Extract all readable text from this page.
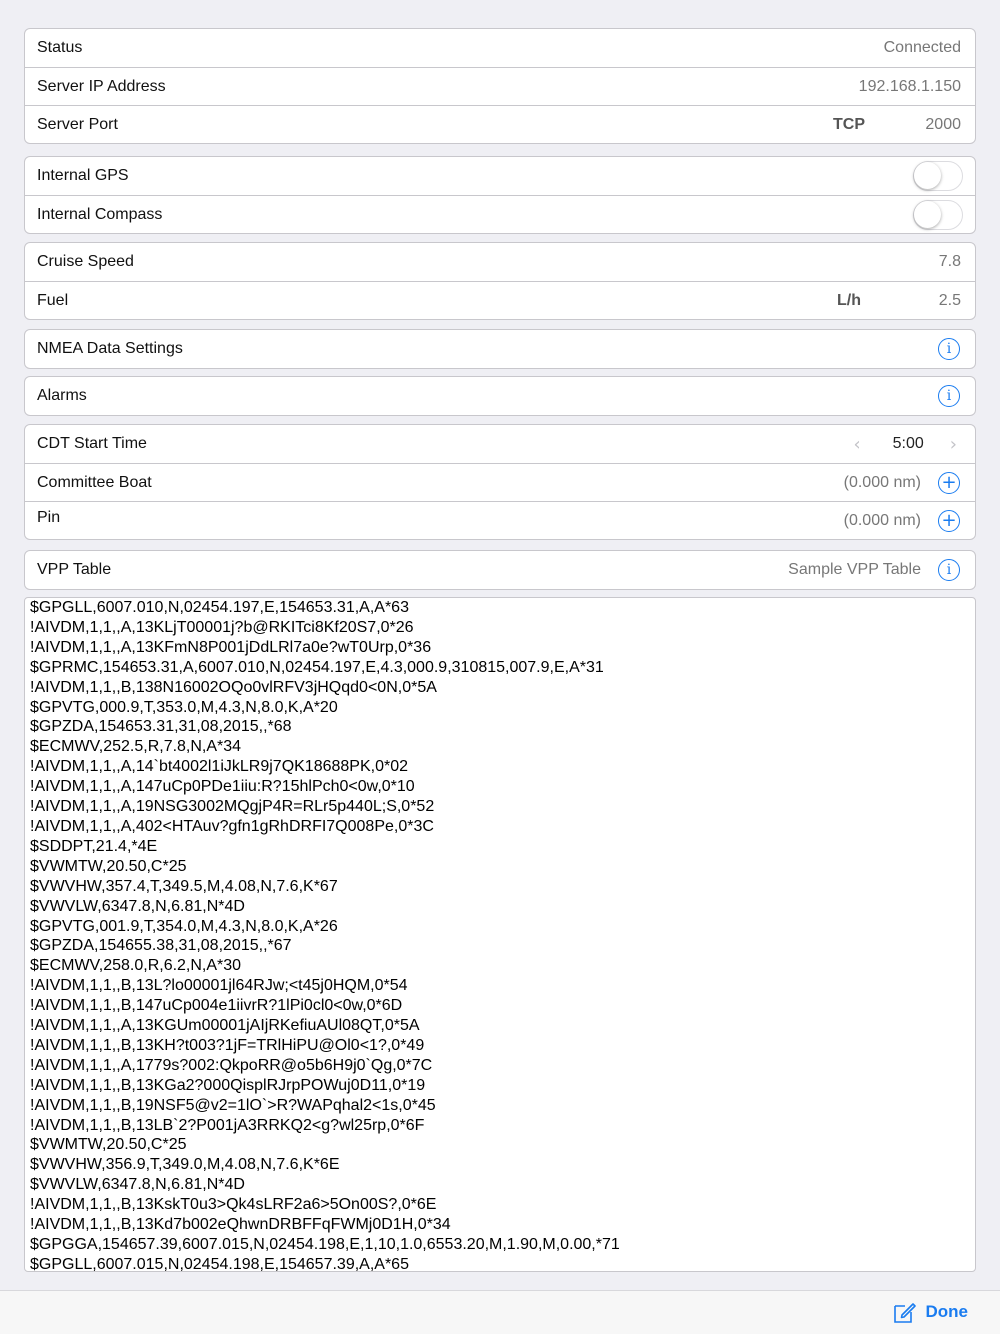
Status	Connected
Server IP Address	192.168.1.150
Server Port	TCP	2000
Internal GPS
Internal Compass
Cruise Speed	7.8
Fuel	L/h	2.5
NMEA Data Settings	i
Alarms	i
CDT Start Time	‹ 5:00 ›
Committee Boat	(0.000 nm) +
Pin	(0.000 nm) +
VPP Table	Sample VPP Table	i
$GPGLL,6007.010,N,02454.197,E,154653.31,A,A*63
!AIVDM,1,1,,A,13KLjT00001j?b@RKITci8Kf20S7,0*26
!AIVDM,1,1,,A,13KFmN8P001jDdLRl7a0e?wT0Urp,0*36
$GPRMC,154653.31,A,6007.010,N,02454.197,E,4.3,000.9,310815,007.9,E,A*31
!AIVDM,1,1,,B,138N16002OQo0vlRFV3jHQqd0<0N,0*5A
$GPVTG,000.9,T,353.0,M,4.3,N,8.0,K,A*20
$GPZDA,154653.31,31,08,2015,,*68
$ECMWV,252.5,R,7.8,N,A*34
!AIVDM,1,1,,A,14`bt4002l1iJkLR9j7QK18688PK,0*02
!AIVDM,1,1,,A,147uCp0PDe1iiu:R?15hlPch0<0w,0*10
!AIVDM,1,1,,A,19NSG3002MQgjP4R=RLr5p440L;S,0*52
!AIVDM,1,1,,A,402<HTAuv?gfn1gRhDRFI7Q008Pe,0*3C
$SDDPT,21.4,*4E
$VWMTW,20.50,C*25
$VWVHW,357.4,T,349.5,M,4.08,N,7.6,K*67
$VWVLW,6347.8,N,6.81,N*4D
$GPVTG,001.9,T,354.0,M,4.3,N,8.0,K,A*26
$GPZDA,154655.38,31,08,2015,,*67
$ECMWV,258.0,R,6.2,N,A*30
!AIVDM,1,1,,B,13L?lo00001jl64RJw;<t45j0HQM,0*54
!AIVDM,1,1,,B,147uCp004e1iivrR?1lPi0cl0<0w,0*6D
!AIVDM,1,1,,A,13KGUm00001jAIjRKefiuAUl08QT,0*5A
!AIVDM,1,1,,B,13KH?t003?1jF=TRlHiPU@Ol0<1?,0*49
!AIVDM,1,1,,A,1779s?002:QkpoRR@o5b6H9j0`Qg,0*7C
!AIVDM,1,1,,B,13KGa2?000QisplRJrpPOWuj0D11,0*19
!AIVDM,1,1,,B,19NSF5@v2=1lO`>R?WAPqhal2<1s,0*45
!AIVDM,1,1,,B,13LB`2?P001jA3RRKQ2<g?wl25rp,0*6F
$VWMTW,20.50,C*25
$VWVHW,356.9,T,349.0,M,4.08,N,7.6,K*6E
$VWVLW,6347.8,N,6.81,N*4D
!AIVDM,1,1,,B,13KskT0u3>Qk4sLRF2a6>5On00S?,0*6E
!AIVDM,1,1,,B,13Kd7b002eQhwnDRBFFqFWMj0D1H,0*34
$GPGGA,154657.39,6007.015,N,02454.198,E,1,10,1.0,6553.20,M,1.90,M,0.00,*71
$GPGLL,6007.015,N,02454.198,E,154657.39,A,A*65
Done
